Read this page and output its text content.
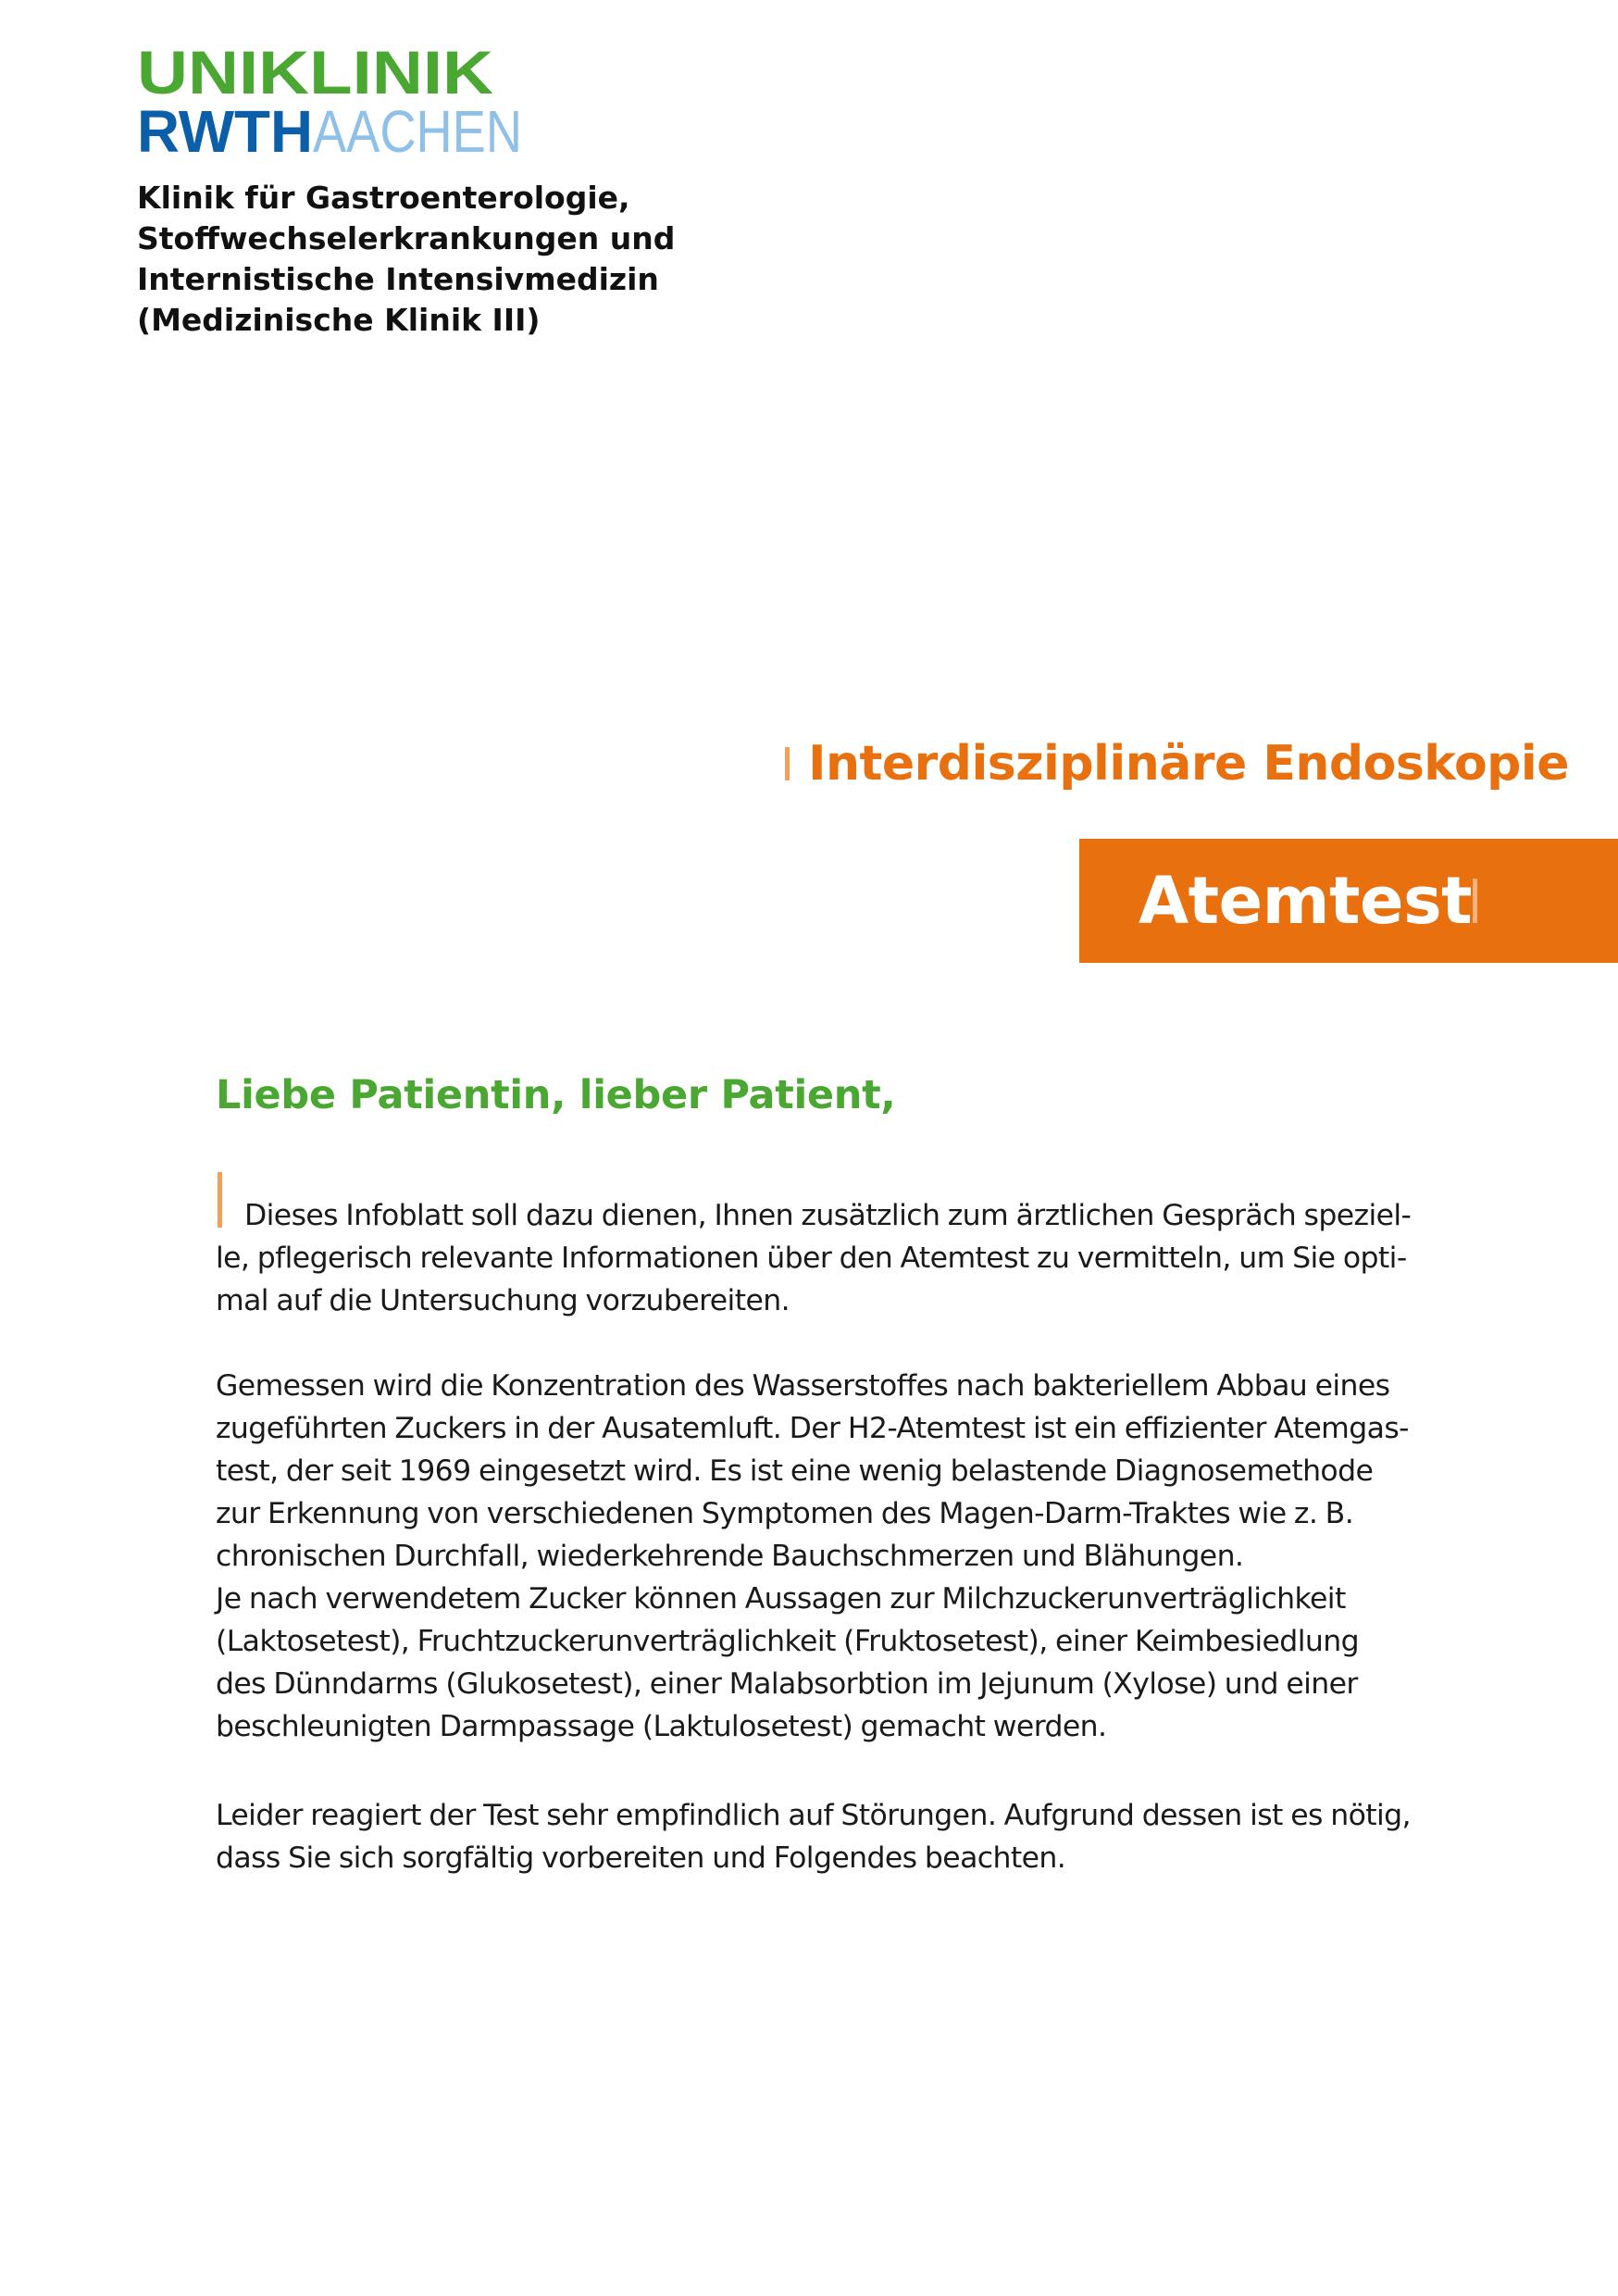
UNIKLINIK
RWTH AACHEN
Klinik für Gastroenterologie,
Stoffwechselerkrankungen und
Internistische Intensivmedizin
(Medizinische Klinik III)
Interdisziplinäre Endoskopie
Atemtest
Liebe Patientin, lieber Patient,
Dieses Infoblatt soll dazu dienen, Ihnen zusätzlich zum ärztlichen Gespräch speziel-
le, pflegerisch relevante Informationen über den Atemtest zu vermitteln, um Sie opti-
mal auf die Untersuchung vorzubereiten.
Gemessen wird die Konzentration des Wasserstoffes nach bakteriellem Abbau eines
zugeführten Zuckers in der Ausatemluft. Der H2-Atemtest ist ein effizienter Atemgas-
test, der seit 1969 eingesetzt wird. Es ist eine wenig belastende Diagnosemethode
zur Erkennung von verschiedenen Symptomen des Magen-Darm-Traktes wie z. B.
chronischen Durchfall, wiederkehrende Bauchschmerzen und Blähungen.
Je nach verwendetem Zucker können Aussagen zur Milchzuckerunverträglichkeit
(Laktosetest), Fruchtzuckerunverträglichkeit (Fruktosetest), einer Keimbesiedlung
des Dünndarms (Glukosetest), einer Malabsorbtion im Jejunum (Xylose) und einer
beschleunigten Darmpassage (Laktulosetest) gemacht werden.
Leider reagiert der Test sehr empfindlich auf Störungen. Aufgrund dessen ist es nötig,
dass Sie sich sorgfältig vorbereiten und Folgendes beachten.
